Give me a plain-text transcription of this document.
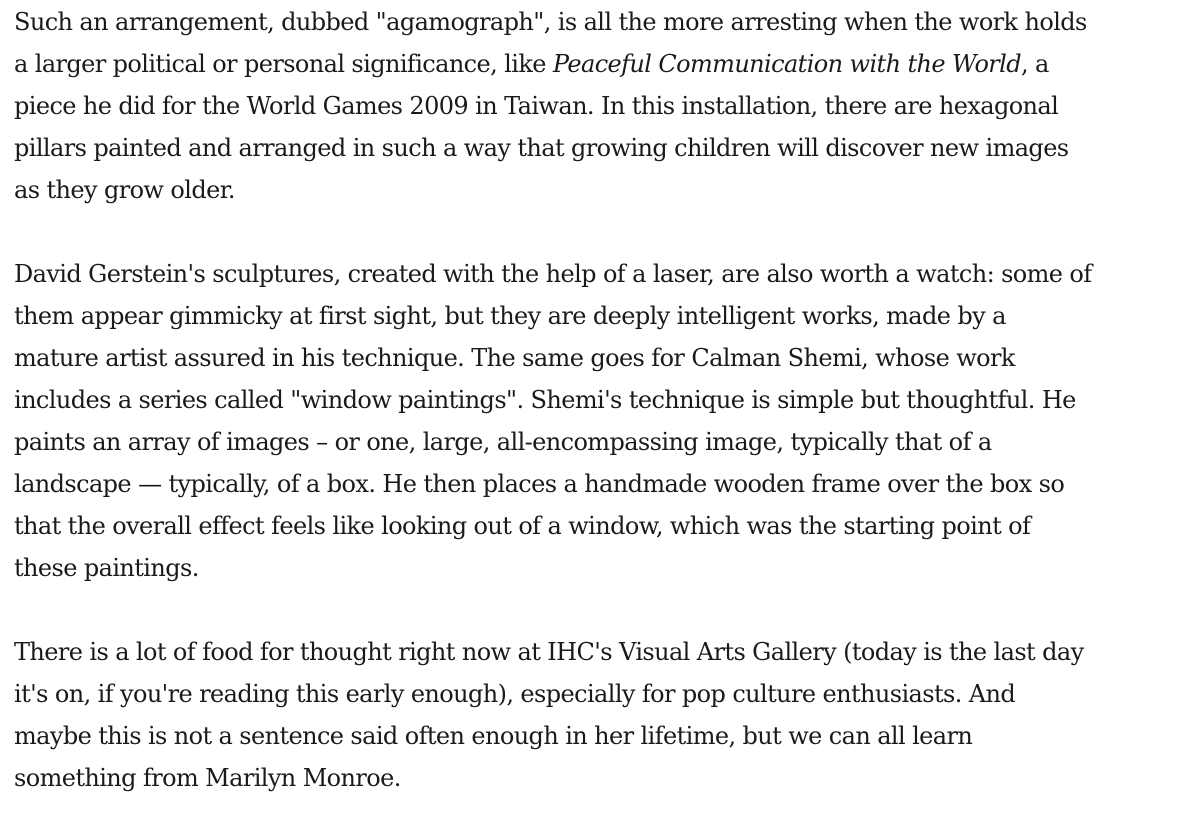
Such an arrangement, dubbed "agamograph", is all the more arresting when the work holds
a larger political or personal significance, like Peaceful Communication with the World, a
piece he did for the World Games 2009 in Taiwan. In this installation, there are hexagonal
pillars painted and arranged in such a way that growing children will discover new images
as they grow older.

David Gerstein's sculptures, created with the help of a laser, are also worth a watch: some of
them appear gimmicky at first sight, but they are deeply intelligent works, made by a
mature artist assured in his technique. The same goes for Calman Shemi, whose work
includes a series called "window paintings". Shemi's technique is simple but thoughtful. He
paints an array of images – or one, large, all-encompassing image, typically that of a
landscape — typically, of a box. He then places a handmade wooden frame over the box so
that the overall effect feels like looking out of a window, which was the starting point of
these paintings.

There is a lot of food for thought right now at IHC's Visual Arts Gallery (today is the last day
it's on, if you're reading this early enough), especially for pop culture enthusiasts. And
maybe this is not a sentence said often enough in her lifetime, but we can all learn
something from Marilyn Monroe.
